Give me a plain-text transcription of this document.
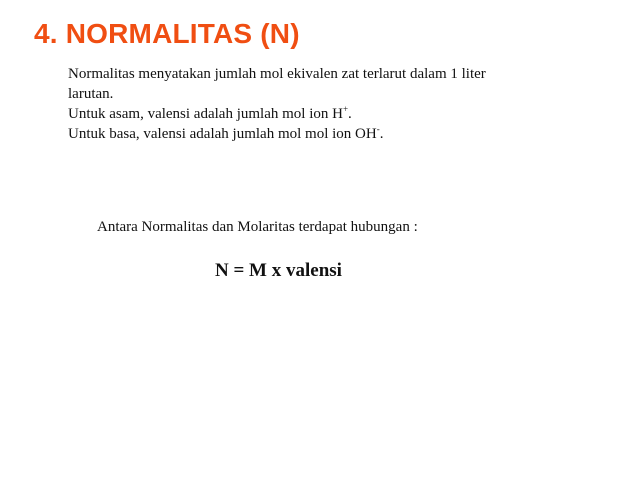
4. NORMALITAS (N)
Normalitas menyatakan jumlah mol ekivalen zat terlarut dalam 1 liter
larutan.
Untuk asam, valensi adalah jumlah mol ion H+.
Untuk basa, valensi adalah jumlah mol mol ion OH-.
Antara Normalitas dan Molaritas terdapat hubungan :
N = M x valensi
